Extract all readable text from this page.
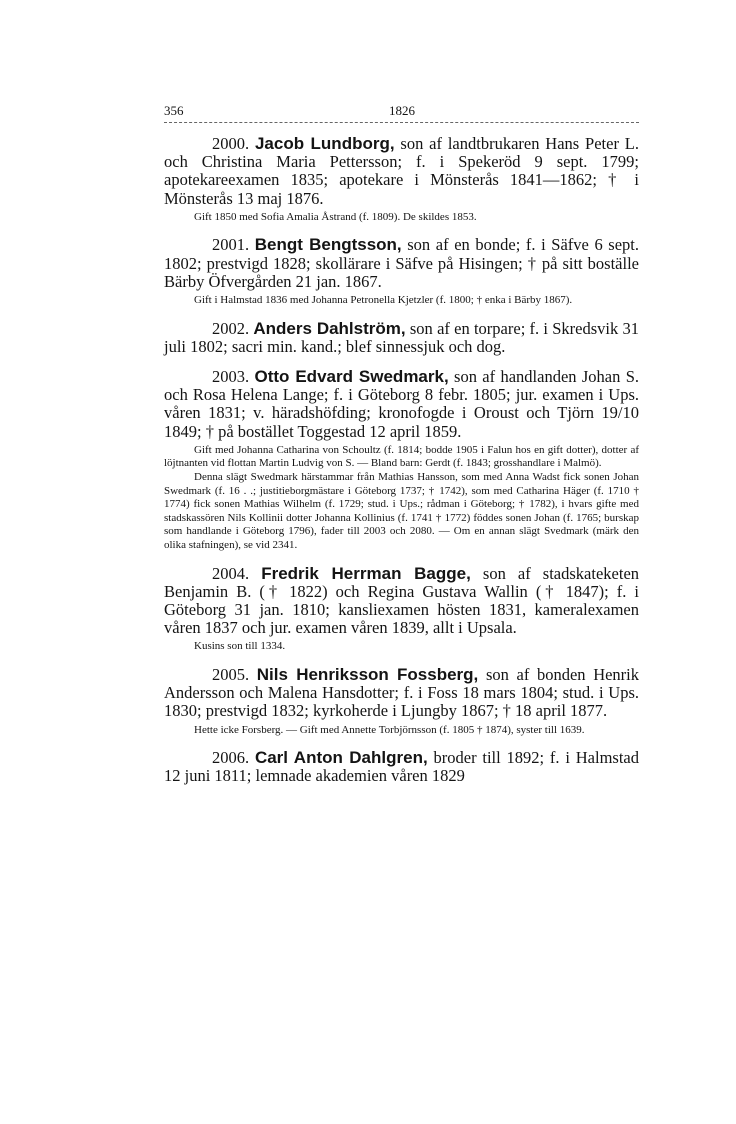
356	1826
2000. Jacob Lundborg, son af landtbrukaren Hans Peter L. och Christina Maria Pettersson; f. i Spekeröd 9 sept. 1799; apotekareexamen 1835; apotekare i Mönsterås 1841—1862; † i Mönsterås 13 maj 1876.
Gift 1850 med Sofia Amalia Åstrand (f. 1809). De skildes 1853.
2001. Bengt Bengtsson, son af en bonde; f. i Säfve 6 sept. 1802; prestvigd 1828; skollärare i Säfve på Hisingen; † på sitt boställe Bärby Öfvergården 21 jan. 1867.
Gift i Halmstad 1836 med Johanna Petronella Kjetzler (f. 1800; † enka i Bärby 1867).
2002. Anders Dahlström, son af en torpare; f. i Skredsvik 31 juli 1802; sacri min. kand.; blef sinnessjuk och dog.
2003. Otto Edvard Swedmark, son af handlanden Johan S. och Rosa Helena Lange; f. i Göteborg 8 febr. 1805; jur. examen i Ups. våren 1831; v. häradshöfding; kronofogde i Oroust och Tjörn 19/10 1849; † på bostället Toggestad 12 april 1859.
Gift med Johanna Catharina von Schoultz (f. 1814; bodde 1905 i Falun hos en gift dotter), dotter af löjtnanten vid flottan Martin Ludvig von S. — Bland barn: Gerdt (f. 1843; grosshandlare i Malmö).
Denna slägt Swedmark härstammar från Mathias Hansson, som med Anna Wadst fick sonen Johan Swedmark (f. 16 . .; justitieborgmästare i Göteborg 1737; † 1742), som med Catharina Häger (f. 1710 † 1774) fick sonen Mathias Wilhelm (f. 1729; stud. i Ups.; rådman i Göteborg; † 1782), i hvars gifte med stadskassören Nils Kollinii dotter Johanna Kollinius (f. 1741 † 1772) föddes sonen Johan (f. 1765; burskap som handlande i Göteborg 1796), fader till 2003 och 2080. — Om en annan slägt Svedmark (märk den olika stafningen), se vid 2341.
2004. Fredrik Herrman Bagge, son af stadskateketen Benjamin B. († 1822) och Regina Gustava Wallin († 1847); f. i Göteborg 31 jan. 1810; kansliexamen hösten 1831, kameralexamen våren 1837 och jur. examen våren 1839, allt i Upsala.
Kusins son till 1334.
2005. Nils Henriksson Fossberg, son af bonden Henrik Andersson och Malena Hansdotter; f. i Foss 18 mars 1804; stud. i Ups. 1830; prestvigd 1832; kyrkoherde i Ljungby 1867; † 18 april 1877.
Hette icke Forsberg. — Gift med Annette Torbjörnsson (f. 1805 † 1874), syster till 1639.
2006. Carl Anton Dahlgren, broder till 1892; f. i Halmstad 12 juni 1811; lemnade akademien våren 1829
